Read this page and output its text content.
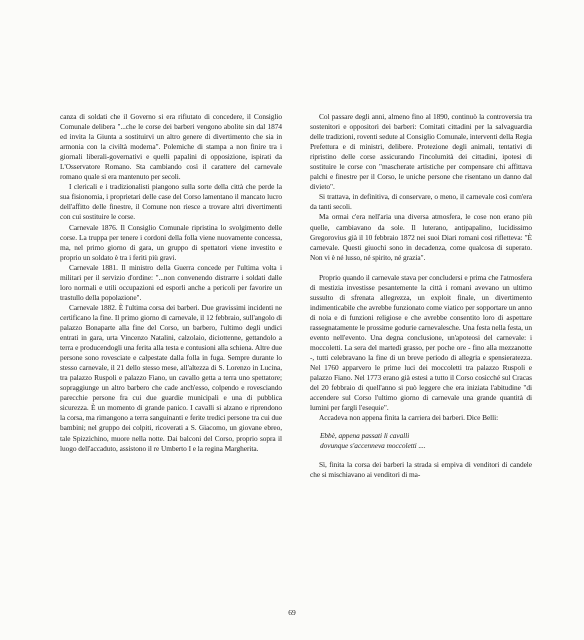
canza di soldati che il Governo si era rifiutato di concedere, il Consiglio Comunale delibera "...che le corse dei barberi vengono abolite sin dal 1874 ed invita la Giunta a sostituirvi un altro genere di divertimento che sia in armonia con la civiltà moderna". Polemiche di stampa a non finire tra i giornali liberali-governativi e quelli papalini di opposizione, ispirati da L'Osservatore Romano. Sta cambiando così il carattere del carnevale romano quale si era mantenuto per secoli.

I clericali e i tradizionalisti piangono sulla sorte della città che perde la sua fisionomia, i proprietari delle case del Corso lamentano il mancato lucro dell'affitto delle finestre, il Comune non riesce a trovare altri divertimenti con cui sostituire le corse.

Carnevale 1876. Il Consiglio Comunale ripristina lo svolgimento delle corse. La truppa per tenere i cordoni della folla viene nuovamente concessa, ma, nel primo giorno di gara, un gruppo di spettatori viene investito e proprio un soldato è tra i feriti più gravi.

Carnevale 1881. Il ministro della Guerra concede per l'ultima volta i militari per il servizio d'ordine: "...non convenendo distrarre i soldati dalle loro normali e utili occupazioni ed esporli anche a pericoli per favorire un trastullo della popolazione".

Carnevale 1882. È l'ultima corsa dei barberi. Due gravissimi incidenti ne certificano la fine. Il primo giorno di carnevale, il 12 febbraio, sull'angolo di palazzo Bonaparte alla fine del Corso, un barbero, l'ultimo degli undici entrati in gara, urta Vincenzo Natalini, calzolaio, diciottenne, gettandolo a terra e producendogli una ferita alla testa e contusioni alla schiena. Altre due persone sono rovesciate e calpestate dalla folla in fuga. Sempre durante lo stesso carnevale, il 21 dello stesso mese, all'altezza di S. Lorenzo in Lucina, tra palazzo Ruspoli e palazzo Fiano, un cavallo getta a terra uno spettatore; sopraggiunge un altro barbero che cade anch'esso, colpendo e rovesciando parecchie persone fra cui due guardie municipali e una di pubblica sicurezza. È un momento di grande panico. I cavalli si alzano e riprendono la corsa, ma rimangono a terra sanguinanti e ferite tredici persone tra cui due bambini; nel gruppo dei colpiti, ricoverati a S. Giacomo, un giovane ebreo, tale Spizzichino, muore nella notte. Dai balconi del Corso, proprio sopra il luogo dell'accaduto, assistono il re Umberto I e la regina Margherita.

Col passare degli anni, almeno fino al 1890, continuò la controversia tra sostenitori e oppositori dei barberi: Comitati cittadini per la salvaguardia delle tradizioni, roventi sedute al Consiglio Comunale, interventi della Regia Prefettura e di ministri, delibere. Protezione degli animali, tentativi di ripristino delle corse assicurando l'incolumità dei cittadini, ipotesi di sostituire le corse con "mascherate artistiche per compensare chi affittava palchi e finestre per il Corso, le uniche persone che risentano un danno dal divieto".

Si trattava, in definitiva, di conservare, o meno, il carnevale così com'era da tanti secoli.

Ma ormai c'era nell'aria una diversa atmosfera, le cose non erano più quelle, cambiavano da sole. Il luterano, antipapalino, lucidissimo Gregorovius già il 10 febbraio 1872 nei suoi Diari romani così rifletteva: "È carnevale. Questi giuochi sono in decadenza, come qualcosa di superato. Non vi è né lusso, né spirito, né grazia".

Proprio quando il carnevale stava per concludersi e prima che l'atmosfera di mestizia investisse pesantemente la città i romani avevano un ultimo sussulto di sfrenata allegrezza, un exploit finale, un divertimento indimenticabile che avrebbe funzionato come viatico per sopportare un anno di noia e di funzioni religiose e che avrebbe consentito loro di aspettare rassegnatamente le prossime godurie carnevalesche. Una festa nella festa, un evento nell'evento. Una degna conclusione, un'apoteosi del carnevale: i moccoletti. La sera del martedì grasso, per poche ore - fino alla mezzanotte -, tutti celebravano la fine di un breve periodo di allegria e spensieratezza. Nel 1760 apparvero le prime luci dei moccoletti tra palazzo Ruspoli e palazzo Fiano. Nel 1773 erano già estesi a tutto il Corso cosicché sul Cracas del 20 febbraio di quell'anno si può leggere che era iniziata l'abitudine "di accendere sul Corso l'ultimo giorno di carnevale una grande quantità di lumini per fargli l'esequie".

Accadeva non appena finita la carriera dei barberi. Dice Belli:

Ebbè, appena passati li cavalli

dovunque s'accenneva moccoletti ....

Sì, finita la corsa dei barberi la strada si empiva di venditori di candele che si mischiavano ai venditori di ma-

69
